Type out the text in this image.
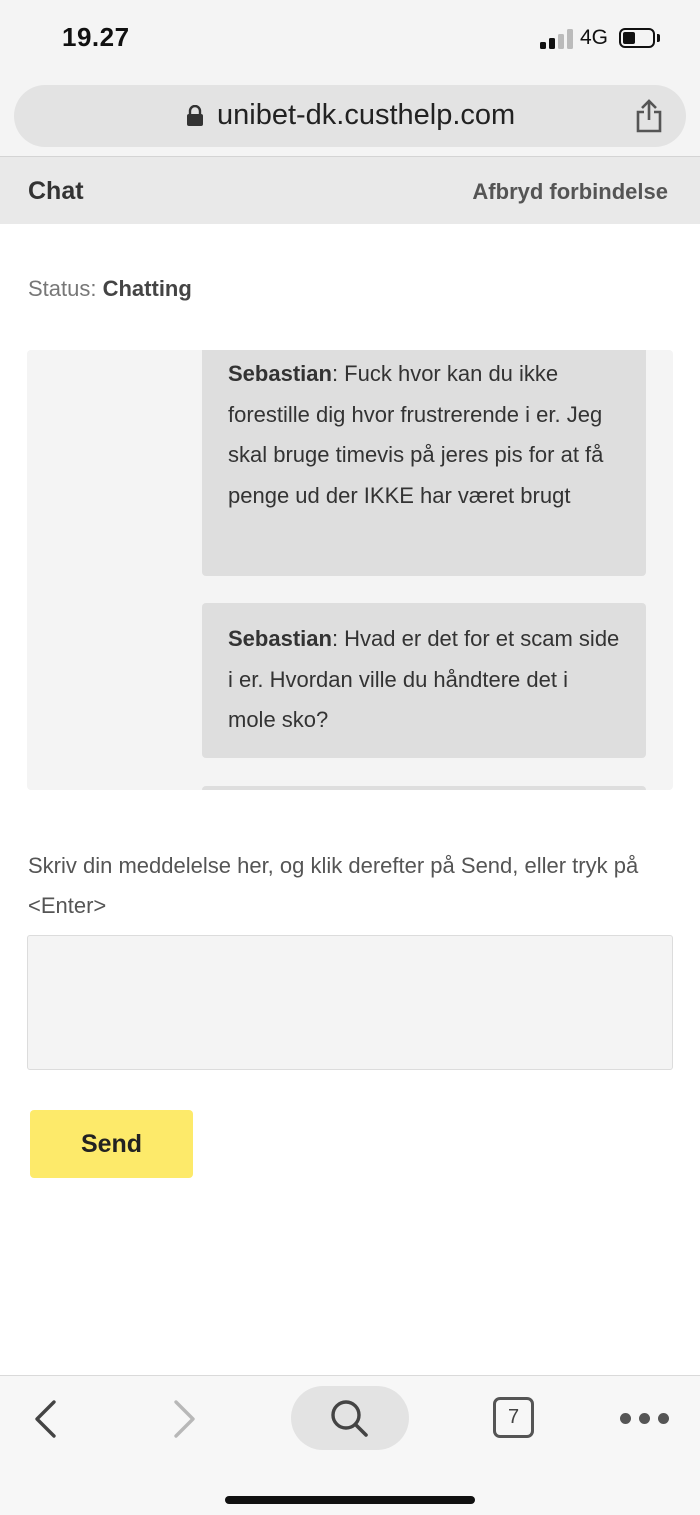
19.27	4G
unibet-dk.custhelp.com
Chat	Afbryd forbindelse
Status: Chatting
Sebastian: Fuck hvor kan du ikke forestille dig hvor frustrerende i er. Jeg skal bruge timevis på jeres pis for at få penge ud der IKKE har været brugt
Sebastian: Hvad er det for et scam side i er. Hvordan ville du håndtere det i mole sko?
Skriv din meddelelse her, og klik derefter på Send, eller tryk på <Enter>
Send
7
